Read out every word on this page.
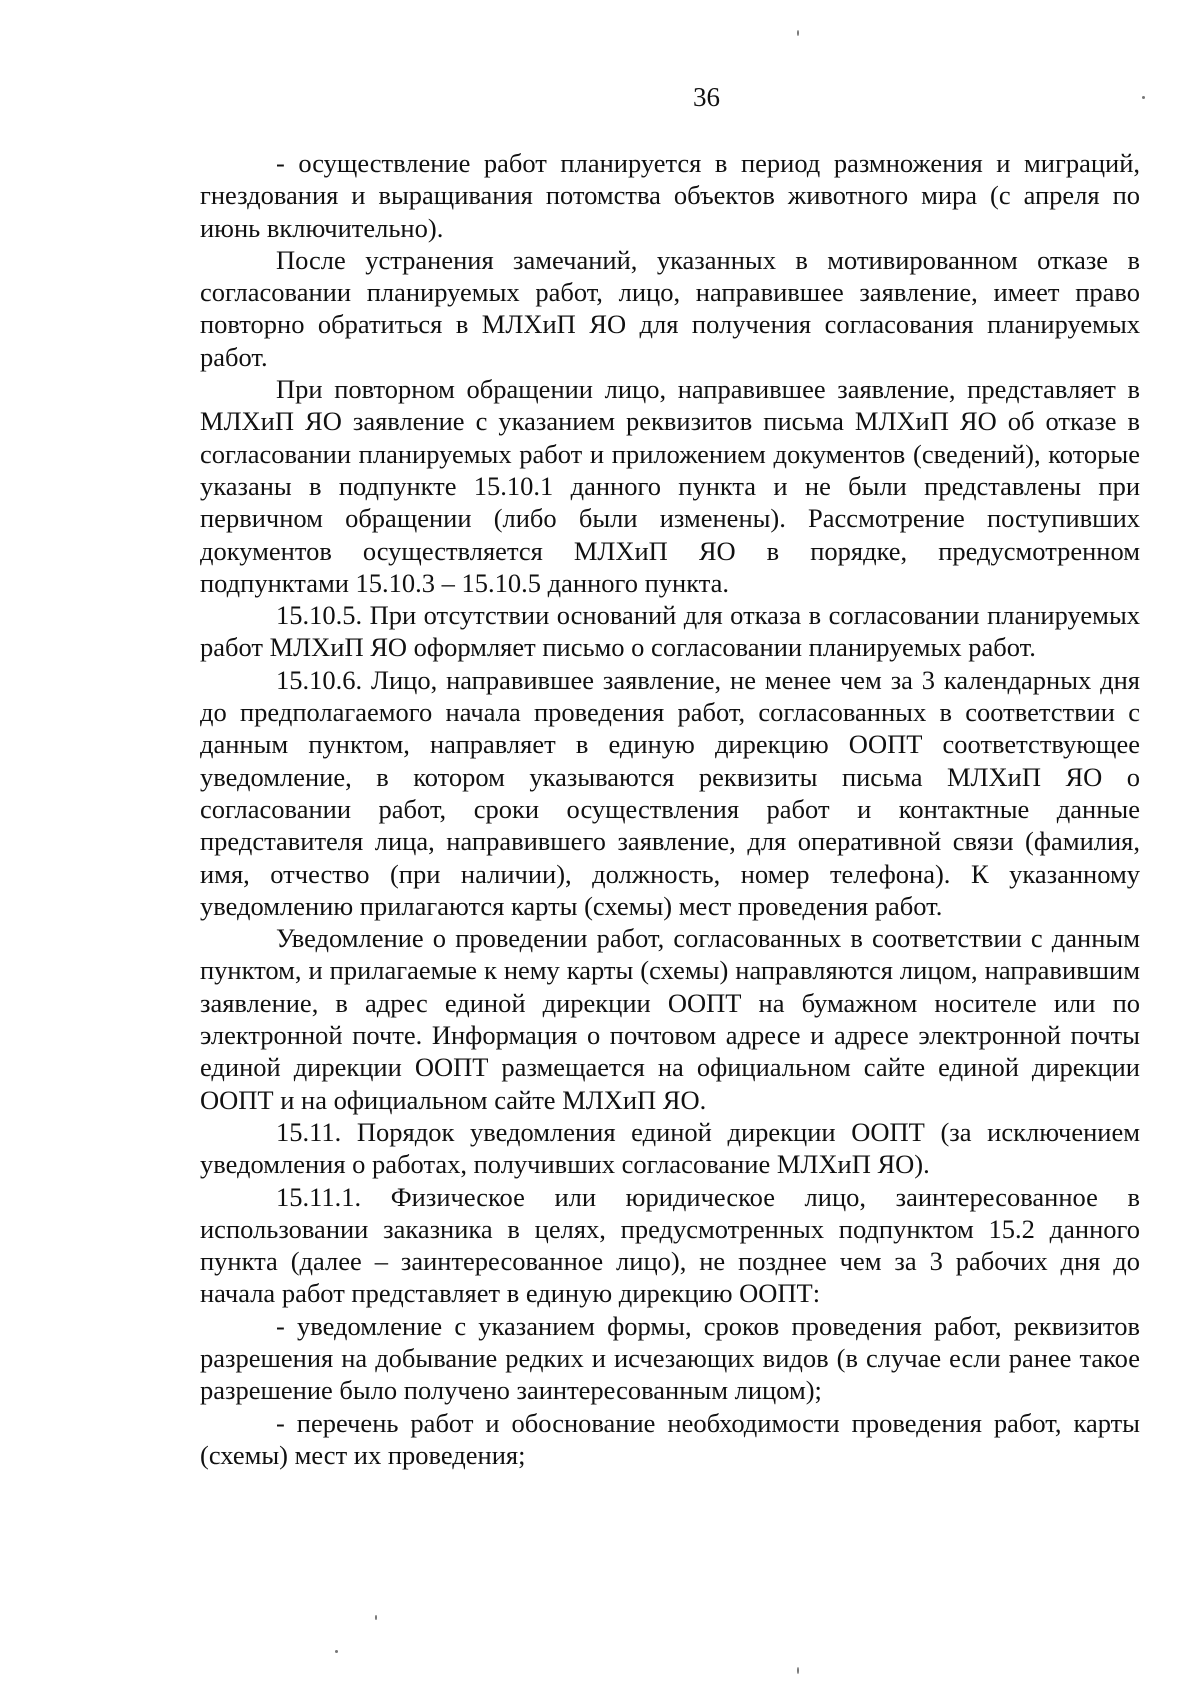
36

- осуществление работ планируется в период размножения и миграций, гнездования и выращивания потомства объектов животного мира (с апреля по июнь включительно).

После устранения замечаний, указанных в мотивированном отказе в согласовании планируемых работ, лицо, направившее заявление, имеет право повторно обратиться в МЛХиП ЯО для получения согласования планируемых работ.

При повторном обращении лицо, направившее заявление, представляет в МЛХиП ЯО заявление с указанием реквизитов письма МЛХиП ЯО об отказе в согласовании планируемых работ и приложением документов (сведений), которые указаны в подпункте 15.10.1 данного пункта и не были представлены при первичном обращении (либо были изменены). Рассмотрение поступивших документов осуществляется МЛХиП ЯО в порядке, предусмотренном подпунктами 15.10.3 – 15.10.5 данного пункта.

15.10.5. При отсутствии оснований для отказа в согласовании планируемых работ МЛХиП ЯО оформляет письмо о согласовании планируемых работ.

15.10.6. Лицо, направившее заявление, не менее чем за 3 календарных дня до предполагаемого начала проведения работ, согласованных в соответствии с данным пунктом, направляет в единую дирекцию ООПТ соответствующее уведомление, в котором указываются реквизиты письма МЛХиП ЯО о согласовании работ, сроки осуществления работ и контактные данные представителя лица, направившего заявление, для оперативной связи (фамилия, имя, отчество (при наличии), должность, номер телефона). К указанному уведомлению прилагаются карты (схемы) мест проведения работ.

Уведомление о проведении работ, согласованных в соответствии с данным пунктом, и прилагаемые к нему карты (схемы) направляются лицом, направившим заявление, в адрес единой дирекции ООПТ на бумажном носителе или по электронной почте. Информация о почтовом адресе и адресе электронной почты единой дирекции ООПТ размещается на официальном сайте единой дирекции ООПТ и на официальном сайте МЛХиП ЯО.

15.11. Порядок уведомления единой дирекции ООПТ (за исключением уведомления о работах, получивших согласование МЛХиП ЯО).

15.11.1. Физическое или юридическое лицо, заинтересованное в использовании заказника в целях, предусмотренных подпунктом 15.2 данного пункта (далее – заинтересованное лицо), не позднее чем за 3 рабочих дня до начала работ представляет в единую дирекцию ООПТ:

- уведомление с указанием формы, сроков проведения работ, реквизитов разрешения на добывание редких и исчезающих видов (в случае если ранее такое разрешение было получено заинтересованным лицом);

- перечень работ и обоснование необходимости проведения работ, карты (схемы) мест их проведения;
